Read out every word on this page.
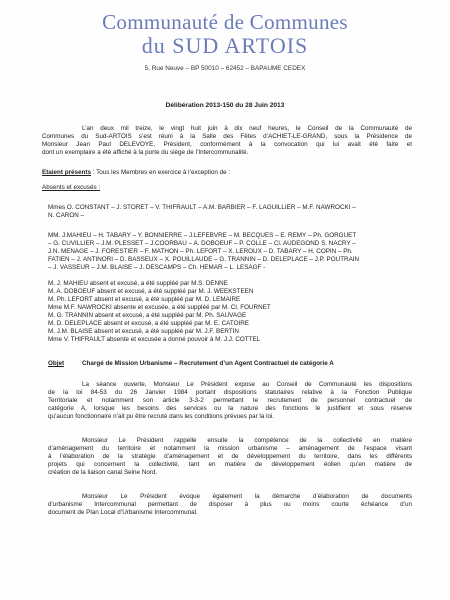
Communauté de Communes
du SUD ARTOIS
5, Rue Neuve – BP 50010 – 62452 – BAPAUME CEDEX
Délibération 2013-150 du 28 Juin 2013
L’an deux mil treize, le vingt huit juin à dix neuf heures, le Conseil de la Communauté de
Communes du Sud-ARTOIS s’est réuni à la Salle des Fêtes d’ACHIET-LE-GRAND, sous la Présidence de
Monsieur Jean Paul DELEVOYE, Président, conformément à la convocation qui lui avait été faite et
dont un exemplaire a été affiché à la porte du siège de l’Intercommunalité.
Etaient présents : Tous les Membres en exercice à l’exception de :
Absents et excusés :
Mmes O. CONSTANT – J. STORET – V. THIFRAULT – A.M. BARBIER – F. LAGUILLIER – M.F. NAWROCKI –
N. CARON –
MM. J.MAHIEU – H. TABARY – Y. BONNIERRE – J.LEFEBVRE – M. BECQUES – E. REMY – Ph. GORGUET
– G. CUVILLIER – J.M. PLESSET – J.COORBAU – A. DOBOEUF – P. COLLE – Cl. AUDEGOND S. NACRY –
J.N. MENAGE – J. FORESTIER – F. MATHON – Ph. LEFORT – X. LEROUX – D. TABARY – H. COPIN – Ph.
FATIEN – J. ANTINORI – D. BASSEUX – X. POUILLAUDE – G. TRANNIN – D. DELEPLACE – J.P. POUTRAIN
– J. VASSEUR – J.M. BLAISE – J. DESCAMPS – Ch. HEMAR – L. LESAGF -
M. J. MAHIEU absent et excusé, a été suppléé par M.S. DENNE
M. A. DOBOEUF absent et excusé, a été suppléé par M. J. WEEKSTEEN
M. Ph. LEFORT absent et excusé, a été suppléé par M. D. LEMAIRE
Mme M.F. NAWROCKI absente et excusée, a été suppléé par M. Cl. FOURNET
M. G. TRANNIN absent et excusé, a été suppléé par M. Ph. SAUVAGE
M. D. DELEPLACE absent et excusé, a été suppléé par M. E. CATOIRE
M. J.M. BLAISE absent et excusé, a été suppléé par M. J.F. BERTIN
Mme V. THIFRAULT absente et excusée a donné pouvoir à M. J.J. COTTEL
Objet	Chargé de Mission Urbanisme – Recrutement d’un Agent Contractuel de catégorie A
La séance ouverte, Monsieur Le Président expose au Conseil de Communauté les dispositions
de la loi 84-53 du 26 Janvier 1984 portant dispositions statutaires relative à la Fonction Publique
Territoriale et notamment son article 3-3-2 permettant le recrutement de personnel contractuel de
catégorie A, lorsque les besoins des services ou la nature des fonctions le justifient et sous réserve
qu’aucun fonctionnaire n’ait pu être recruté dans les conditions prévues par la loi.
Monsieur Le Président rappelle ensuite la compétence de la collectivité en matière
d’aménagement du territoire et notamment la mission urbanisme – aménagement de l’espace visant
à l’élaboration de la stratégie d’aménagement et de développement du territoire, dans les différents
projets qui concernent la collectivité, tant en matière de développement éolien qu’en matière de
création de la liaison canal Seine Nord.
Monsieur Le Président évoque également la démarche d’élaboration de documents
d’urbanisme Intercommunal permettant de disposer à plus ou moins courte échéance d’un
document de Plan Local d’Urbanisme Intercommunal.
